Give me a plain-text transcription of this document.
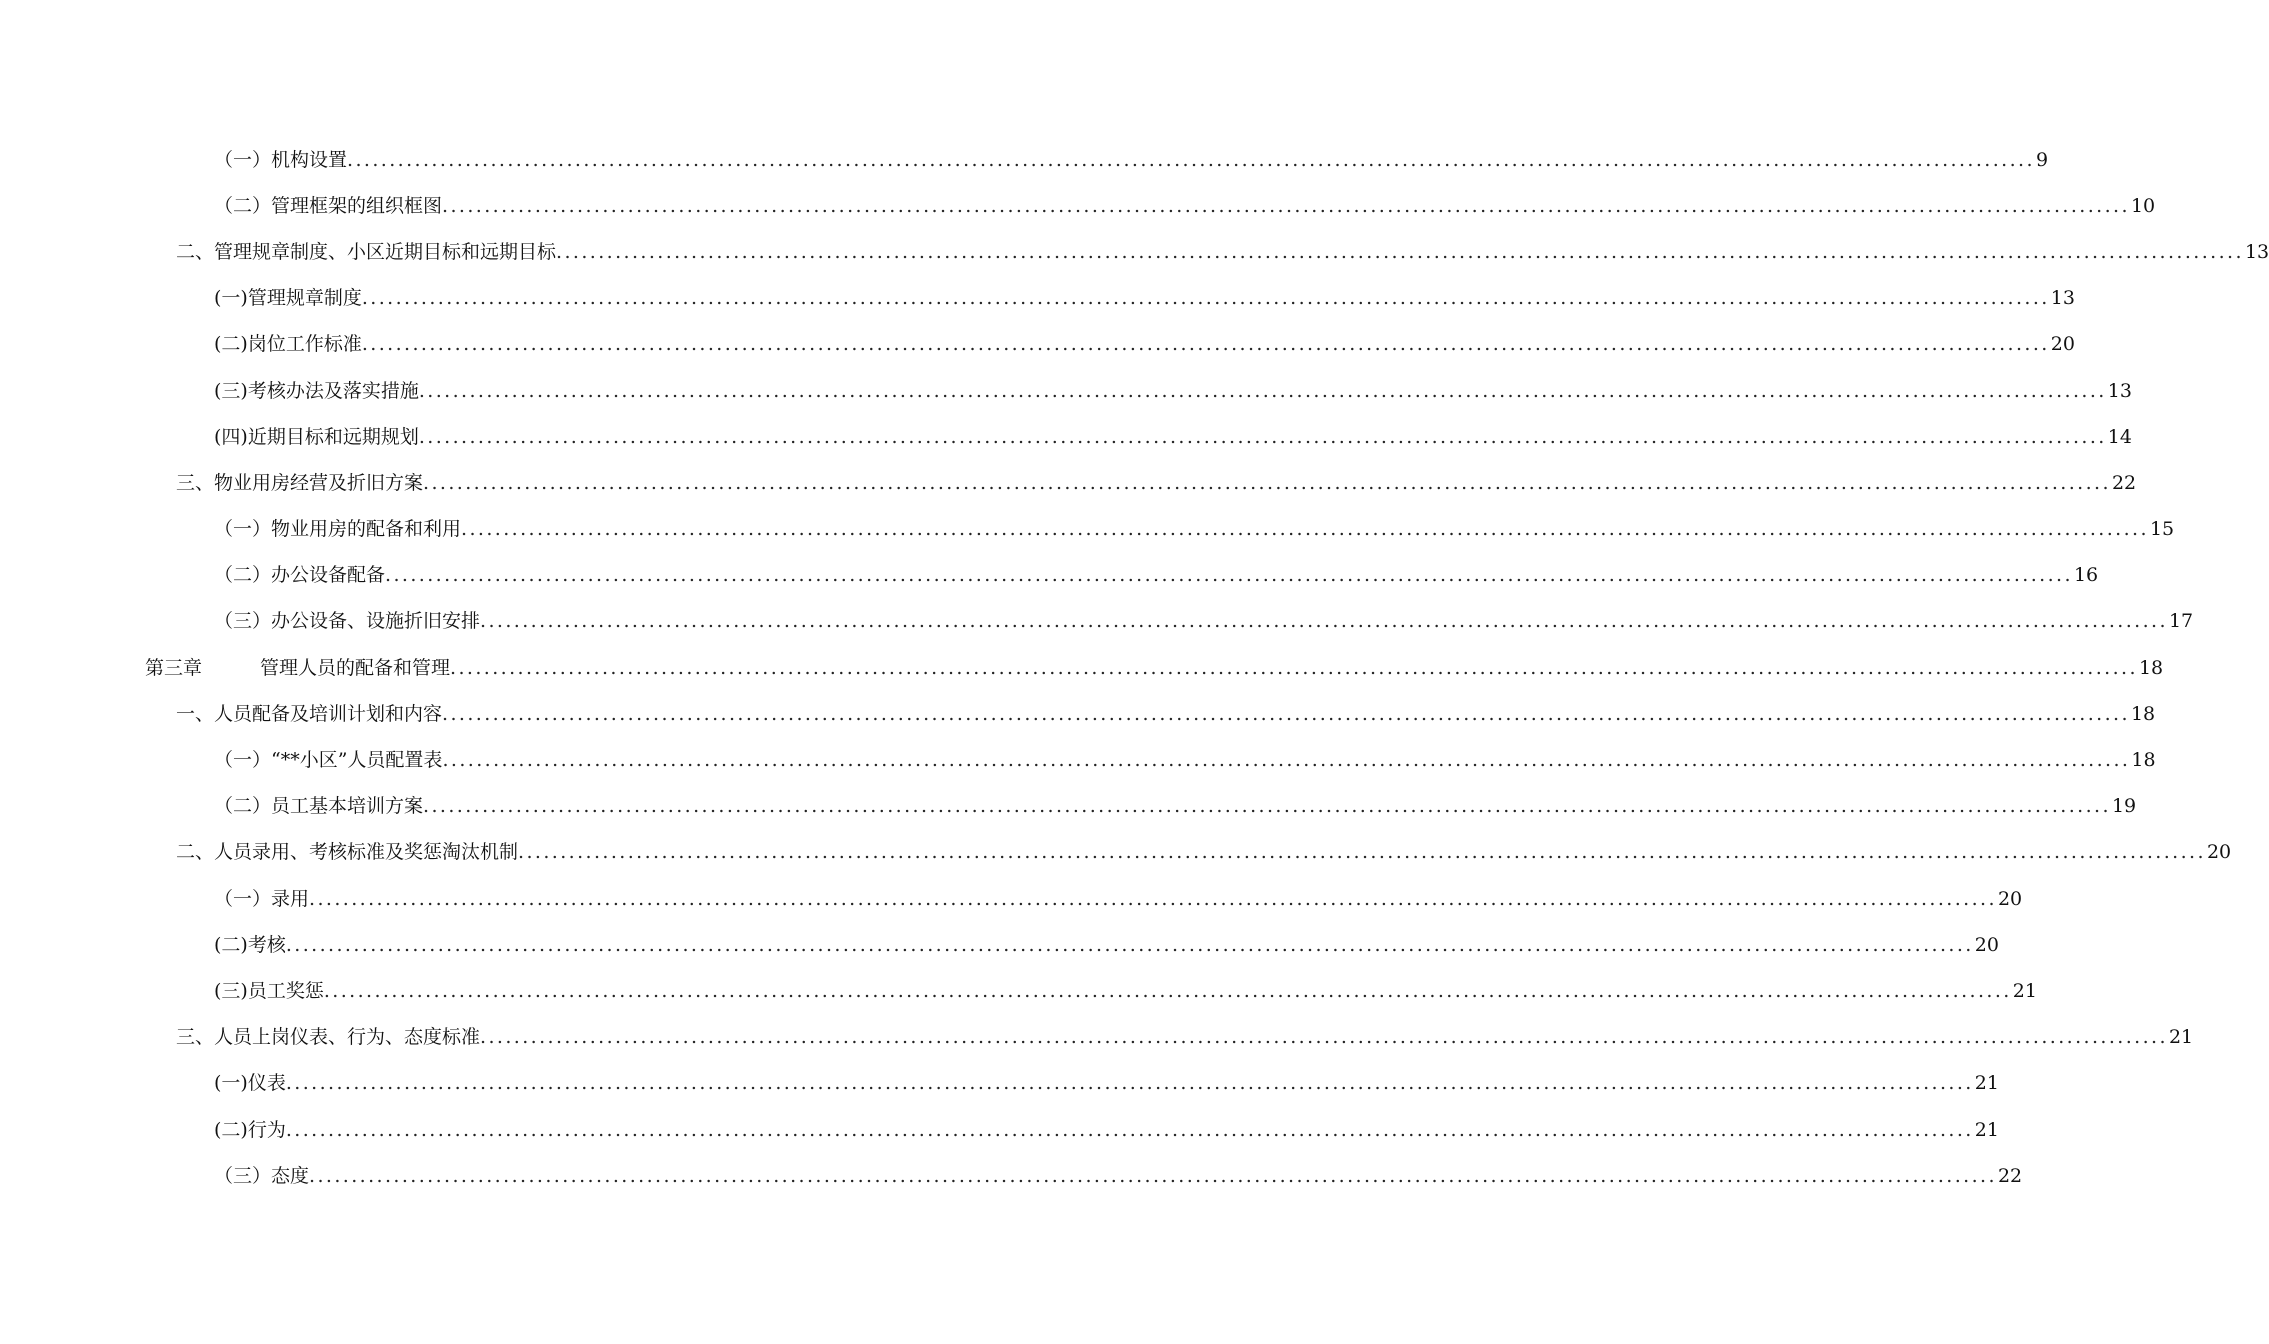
（一）机构设置 ........................................................................................................................................................................................................ 9
（二）管理框架的组织框图 ........................................................................................................................................................................................................ 10
二、管理规章制度、小区近期目标和远期目标 ........................................................................................................................................................................................................ 13
(一)管理规章制度 ........................................................................................................................................................................................................ 13
(二)岗位工作标准 ........................................................................................................................................................................................................ 20
(三)考核办法及落实措施 ........................................................................................................................................................................................................ 13
(四)近期目标和远期规划 ........................................................................................................................................................................................................ 14
三、物业用房经营及折旧方案 ........................................................................................................................................................................................................ 22
（一）物业用房的配备和利用 ........................................................................................................................................................................................................ 15
（二）办公设备配备 ........................................................................................................................................................................................................ 16
（三）办公设备、设施折旧安排 ........................................................................................................................................................................................................ 17
第三章	管理人员的配备和管理 ........................................................................................................................................................................................................ 18
一、人员配备及培训计划和内容 ........................................................................................................................................................................................................ 18
（一）“**小区”人员配置表 ........................................................................................................................................................................................................ 18
（二）员工基本培训方案 ........................................................................................................................................................................................................ 19
二、人员录用、考核标准及奖惩淘汰机制 ........................................................................................................................................................................................................ 20
（一）录用 ........................................................................................................................................................................................................ 20
(二)考核 ........................................................................................................................................................................................................ 20
(三)员工奖惩 ........................................................................................................................................................................................................ 21
三、人员上岗仪表、行为、态度标准 ........................................................................................................................................................................................................ 21
(一)仪表 ........................................................................................................................................................................................................ 21
(二)行为 ........................................................................................................................................................................................................ 21
（三）态度 ........................................................................................................................................................................................................ 22
